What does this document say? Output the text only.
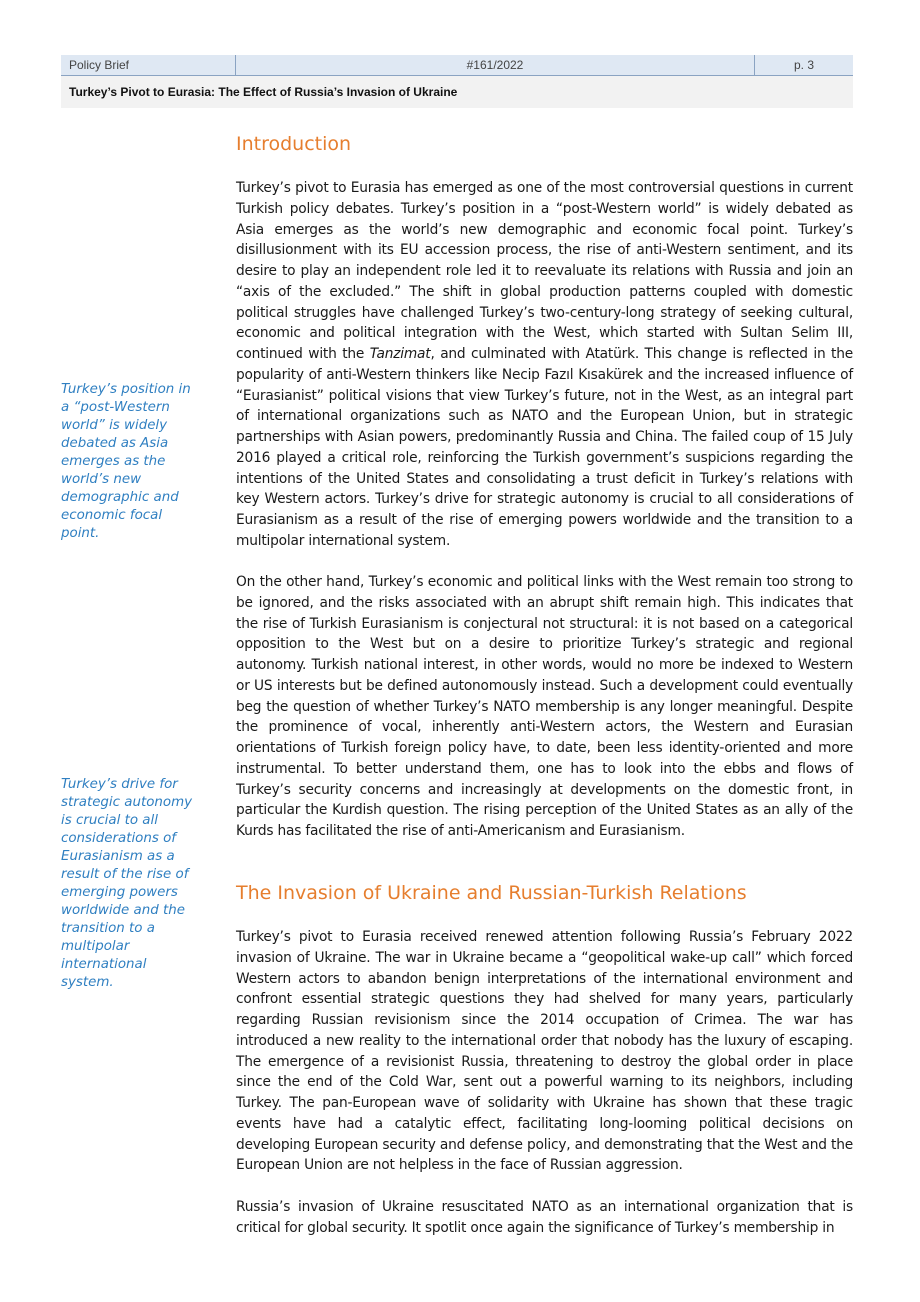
Policy Brief	#161/2022	p. 3
Turkey’s Pivot to Eurasia: The Effect of Russia’s Invasion of Ukraine
Turkey’s position in a “post-Western world” is widely debated as Asia emerges as the world’s new demographic and economic focal point.
Turkey’s drive for strategic autonomy is crucial to all considerations of Eurasianism as a result of the rise of emerging powers worldwide and the transition to a multipolar international system.
Introduction

Turkey’s pivot to Eurasia has emerged as one of the most controversial questions in current Turkish policy debates. Turkey’s position in a “post-Western world” is widely debated as Asia emerges as the world’s new demographic and economic focal point. Turkey’s disillusionment with its EU accession process, the rise of anti-Western sentiment, and its desire to play an independent role led it to reevaluate its relations with Russia and join an “axis of the excluded.” The shift in global production patterns coupled with domestic political struggles have challenged Turkey’s two-century-long strategy of seeking cultural, economic and political integration with the West, which started with Sultan Selim III, continued with the Tanzimat, and culminated with Atatürk. This change is reflected in the popularity of anti-Western thinkers like Necip Fazıl Kısakürek and the increased influence of “Eurasianist” political visions that view Turkey’s future, not in the West, as an integral part of international organizations such as NATO and the European Union, but in strategic partnerships with Asian powers, predominantly Russia and China. The failed coup of 15 July 2016 played a critical role, reinforcing the Turkish government’s suspicions regarding the intentions of the United States and consolidating a trust deficit in Turkey’s relations with key Western actors. Turkey’s drive for strategic autonomy is crucial to all considerations of Eurasianism as a result of the rise of emerging powers worldwide and the transition to a multipolar international system.

On the other hand, Turkey’s economic and political links with the West remain too strong to be ignored, and the risks associated with an abrupt shift remain high. This indicates that the rise of Turkish Eurasianism is conjectural not structural: it is not based on a categorical opposition to the West but on a desire to prioritize Turkey’s strategic and regional autonomy. Turkish national interest, in other words, would no more be indexed to Western or US interests but be defined autonomously instead. Such a development could eventually beg the question of whether Turkey’s NATO membership is any longer meaningful. Despite the prominence of vocal, inherently anti-Western actors, the Western and Eurasian orientations of Turkish foreign policy have, to date, been less identity-oriented and more instrumental. To better understand them, one has to look into the ebbs and flows of Turkey’s security concerns and increasingly at developments on the domestic front, in particular the Kurdish question. The rising perception of the United States as an ally of the Kurds has facilitated the rise of anti-Americanism and Eurasianism.

The Invasion of Ukraine and Russian-Turkish Relations

Turkey’s pivot to Eurasia received renewed attention following Russia’s February 2022 invasion of Ukraine. The war in Ukraine became a “geopolitical wake-up call” which forced Western actors to abandon benign interpretations of the international environment and confront essential strategic questions they had shelved for many years, particularly regarding Russian revisionism since the 2014 occupation of Crimea. The war has introduced a new reality to the international order that nobody has the luxury of escaping. The emergence of a revisionist Russia, threatening to destroy the global order in place since the end of the Cold War, sent out a powerful warning to its neighbors, including Turkey. The pan-European wave of solidarity with Ukraine has shown that these tragic events have had a catalytic effect, facilitating long-looming political decisions on developing European security and defense policy, and demonstrating that the West and the European Union are not helpless in the face of Russian aggression.

Russia’s invasion of Ukraine resuscitated NATO as an international organization that is critical for global security. It spotlit once again the significance of Turkey’s membership in
